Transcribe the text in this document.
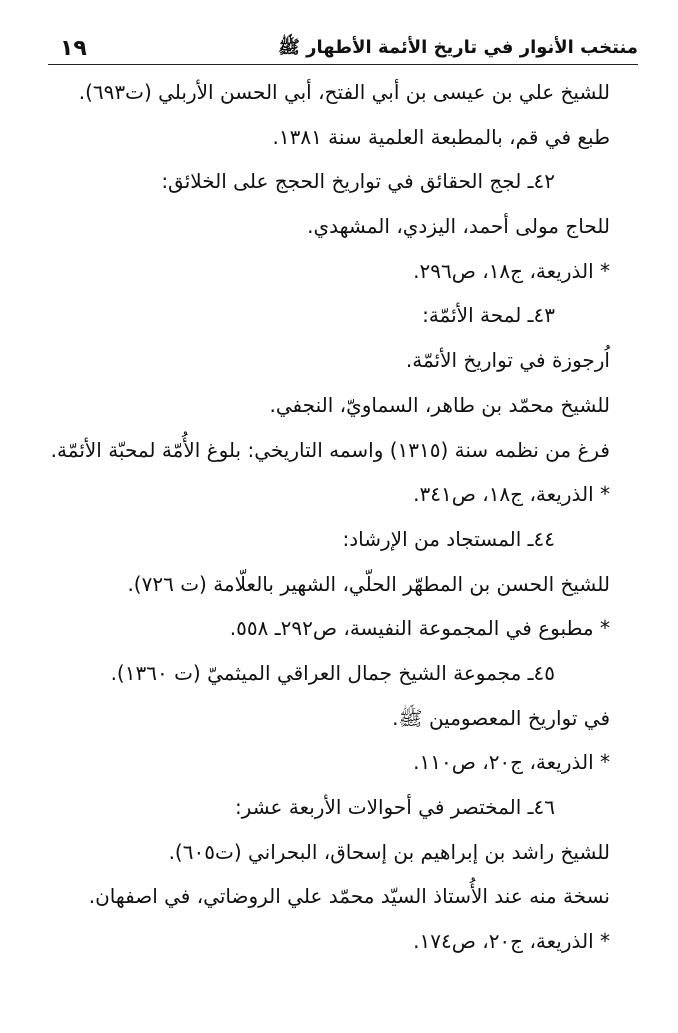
١٩	منتخب الأنوار في تاريخ الأئمة الأطهار ﷺ
للشيخ علي بن عيسى بن أبي الفتح، أبي الحسن الأربلي (ت٦٩٣).
طبع في قم، بالمطبعة العلمية سنة ١٣٨١.
٤٢ـ لجج الحقائق في تواريخ الحجج على الخلائق:
للحاج مولى أحمد، اليزدي، المشهدي.
* الذريعة، ج١٨، ص٢٩٦.
٤٣ـ لمحة الأئمّة:
اُرجوزة في تواريخ الأئمّة.
للشيخ محمّد بن طاهر، السماويّ، النجفي.
فرغ من نظمه سنة (١٣١٥) واسمه التاريخي: بلوغ الأُمّة لمحبّة الأئمّة.
* الذريعة، ج١٨، ص٣٤١.
٤٤ـ المستجاد من الإرشاد:
للشيخ الحسن بن المطهّر الحلّي، الشهير بالعلّامة (ت ٧٢٦).
* مطبوع في المجموعة النفيسة، ص٢٩٢ـ ٥٥٨.
٤٥ـ مجموعة الشيخ جمال العراقي الميثميّ (ت ١٣٦٠).
في تواريخ المعصومين ﷺ.
* الذريعة، ج٢٠، ص١١٠.
٤٦ـ المختصر في أحوالات الأربعة عشر:
للشيخ راشد بن إبراهيم بن إسحاق، البحراني (ت٦٠٥).
نسخة منه عند الأُستاذ السيّد محمّد علي الروضاتي، في اصفهان.
* الذريعة، ج٢٠، ص١٧٤.
